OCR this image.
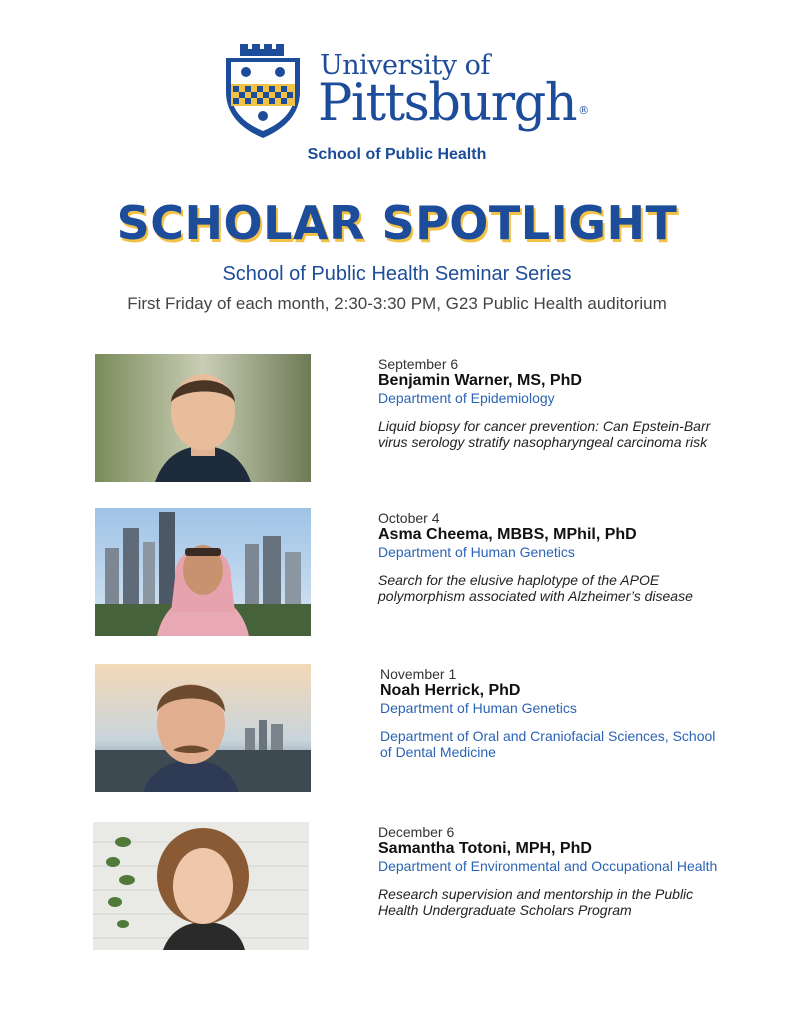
University of
Pittsburgh ®
School of Public Health
SCHOLAR SPOTLIGHT
School of Public Health Seminar Series
First Friday of each month, 2:30-3:30 PM, G23 Public Health auditorium
September 6
Benjamin Warner, MS, PhD
Department of Epidemiology
Liquid biopsy for cancer prevention: Can Epstein-Barr virus serology stratify nasopharyngeal carcinoma risk
October 4
Asma Cheema, MBBS, MPhil, PhD
Department of Human Genetics
Search for the elusive haplotype of the APOE polymorphism associated with Alzheimer’s disease
November 1
Noah Herrick, PhD
Department of Human Genetics
Department of Oral and Craniofacial Sciences, School of Dental Medicine
December 6
Samantha Totoni, MPH, PhD
Department of Environmental and Occupational Health
Research supervision and mentorship in the Public Health Undergraduate Scholars Program
